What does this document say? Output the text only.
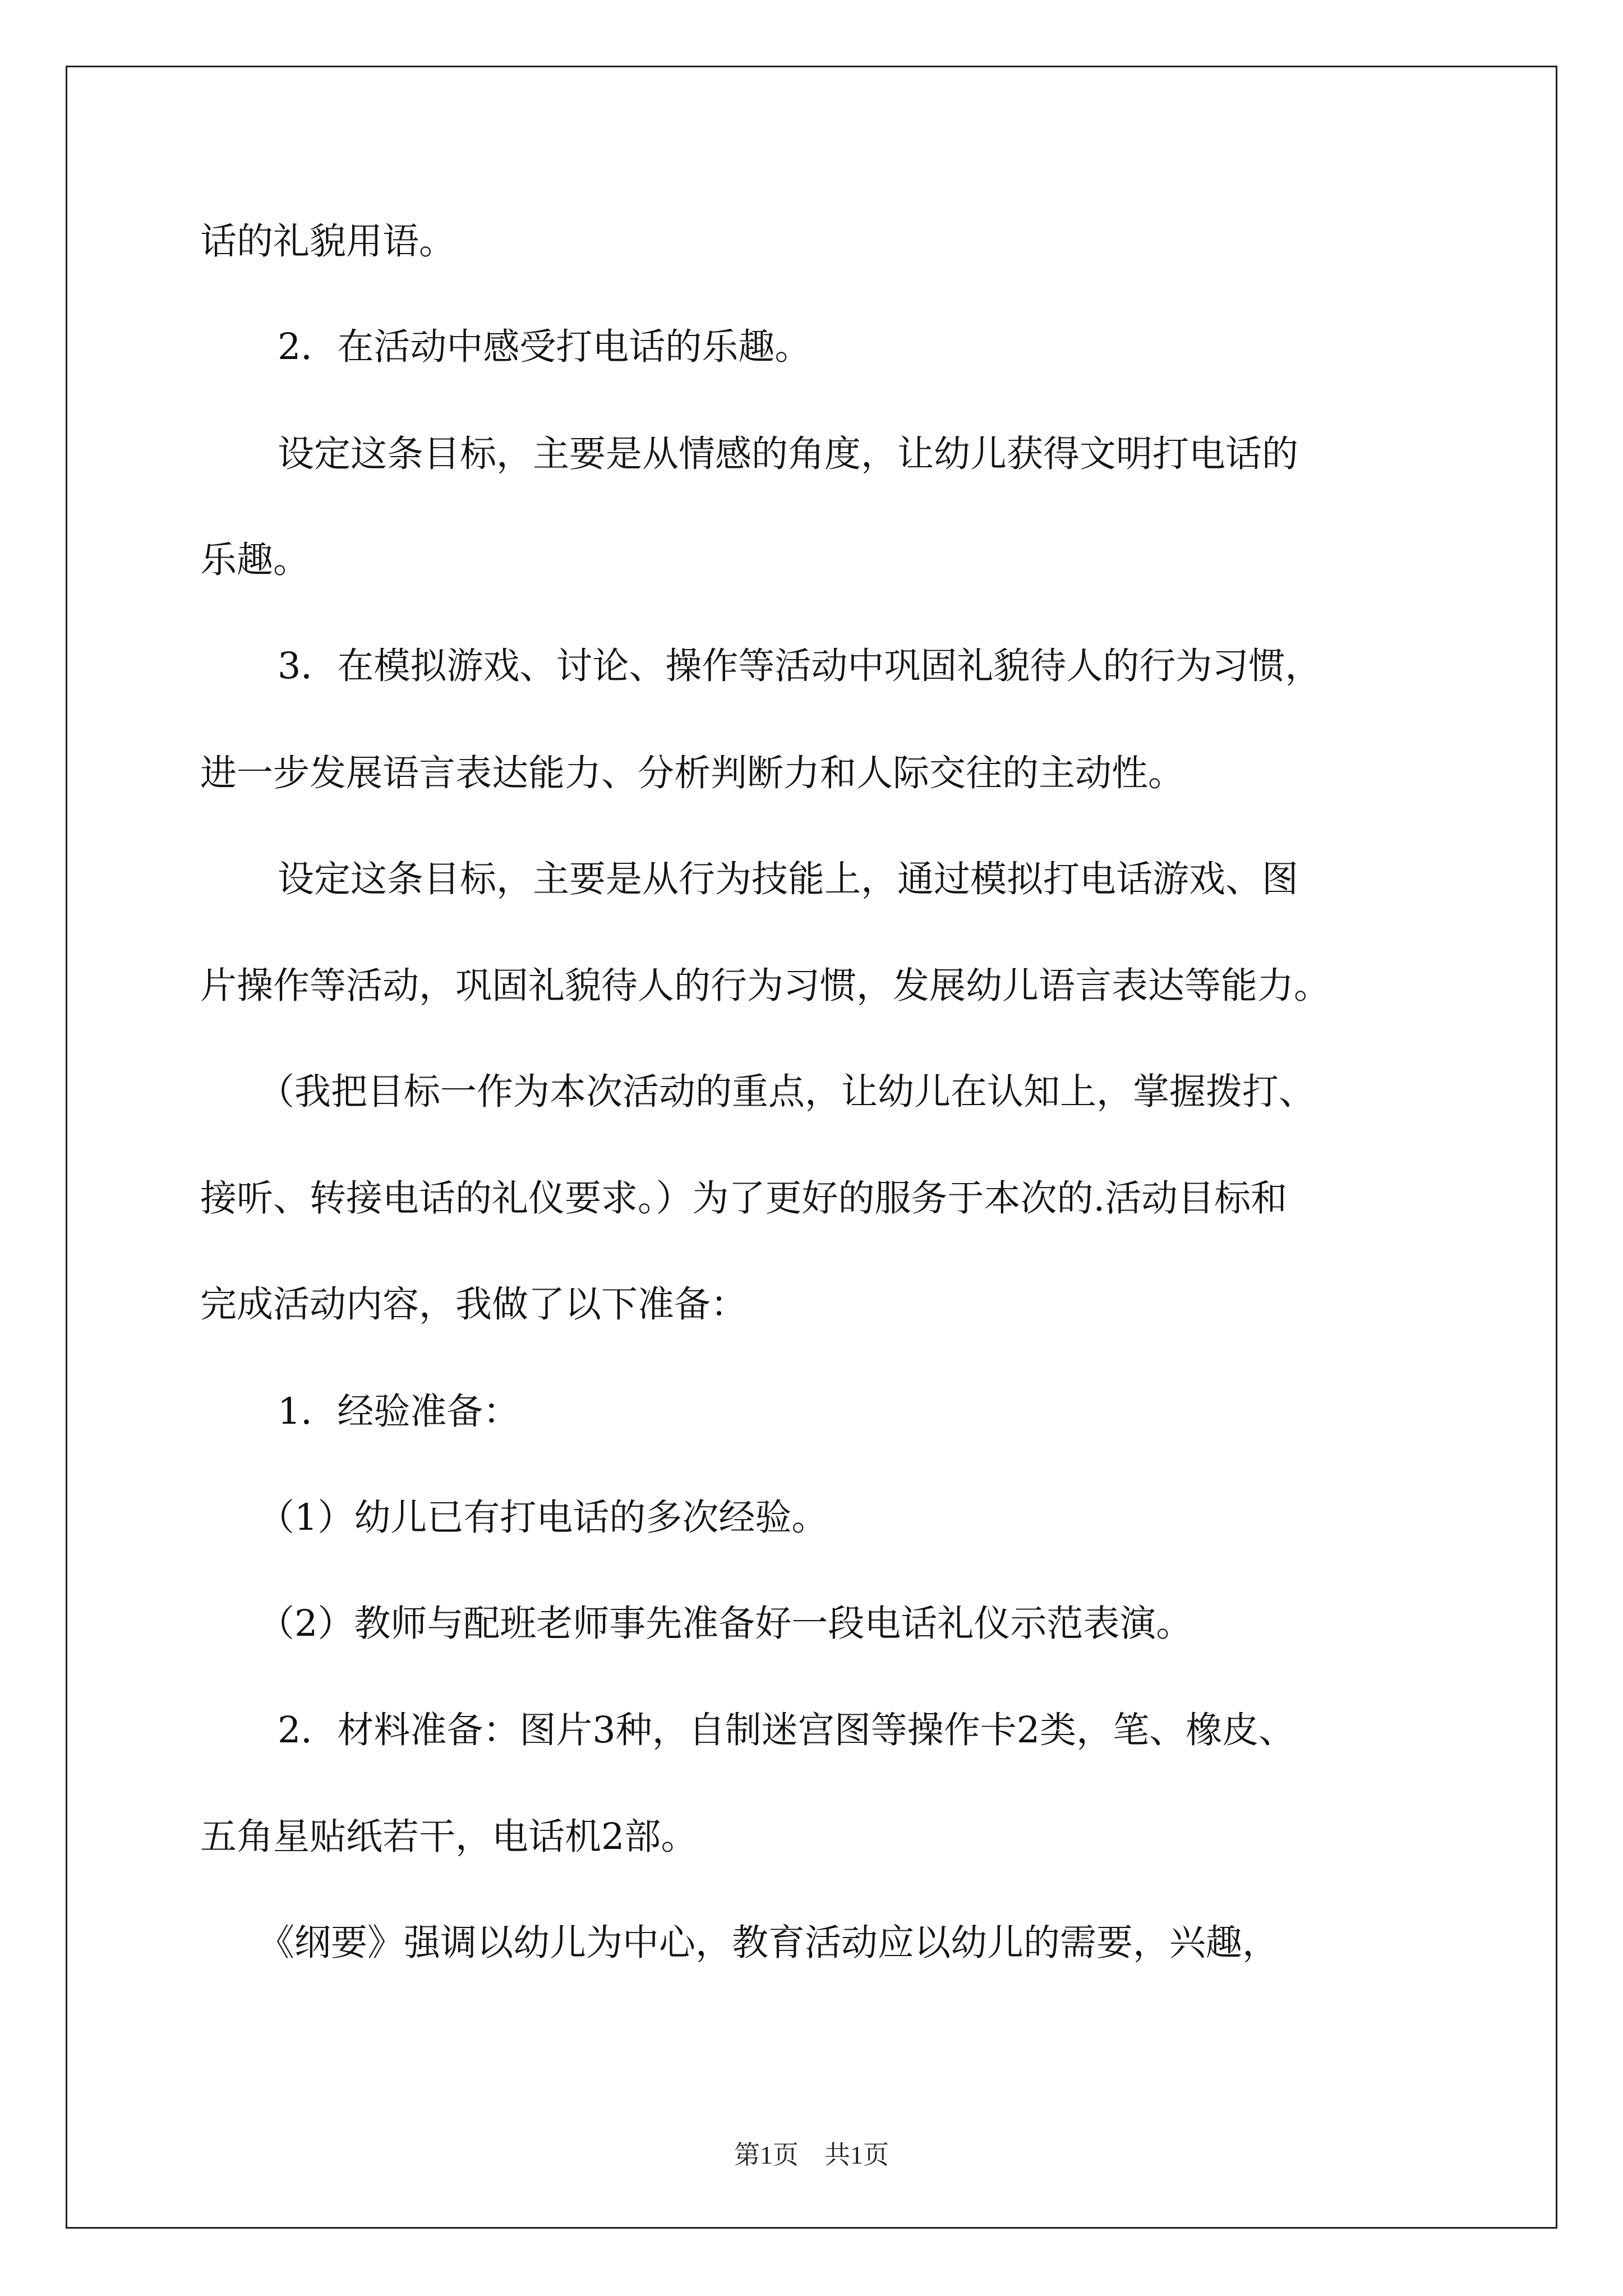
话的礼貌用语。
2．在活动中感受打电话的乐趣。
设定这条目标，主要是从情感的角度，让幼儿获得文明打电话的
乐趣。
3．在模拟游戏、讨论、操作等活动中巩固礼貌待人的行为习惯，
进一步发展语言表达能力、分析判断力和人际交往的主动性。
设定这条目标，主要是从行为技能上，通过模拟打电话游戏、图
片操作等活动，巩固礼貌待人的行为习惯，发展幼儿语言表达等能力。
（我把目标一作为本次活动的重点，让幼儿在认知上，掌握拨打、
接听、转接电话的礼仪要求。）为了更好的服务于本次的.活动目标和
完成活动内容，我做了以下准备：
1．经验准备：
（1）幼儿已有打电话的多次经验。
（2）教师与配班老师事先准备好一段电话礼仪示范表演。
2．材料准备：图片3种，自制迷宫图等操作卡2类，笔、橡皮、
五角星贴纸若干，电话机2部。
《纲要》强调以幼儿为中心，教育活动应以幼儿的需要，兴趣，
第1页　共1页
